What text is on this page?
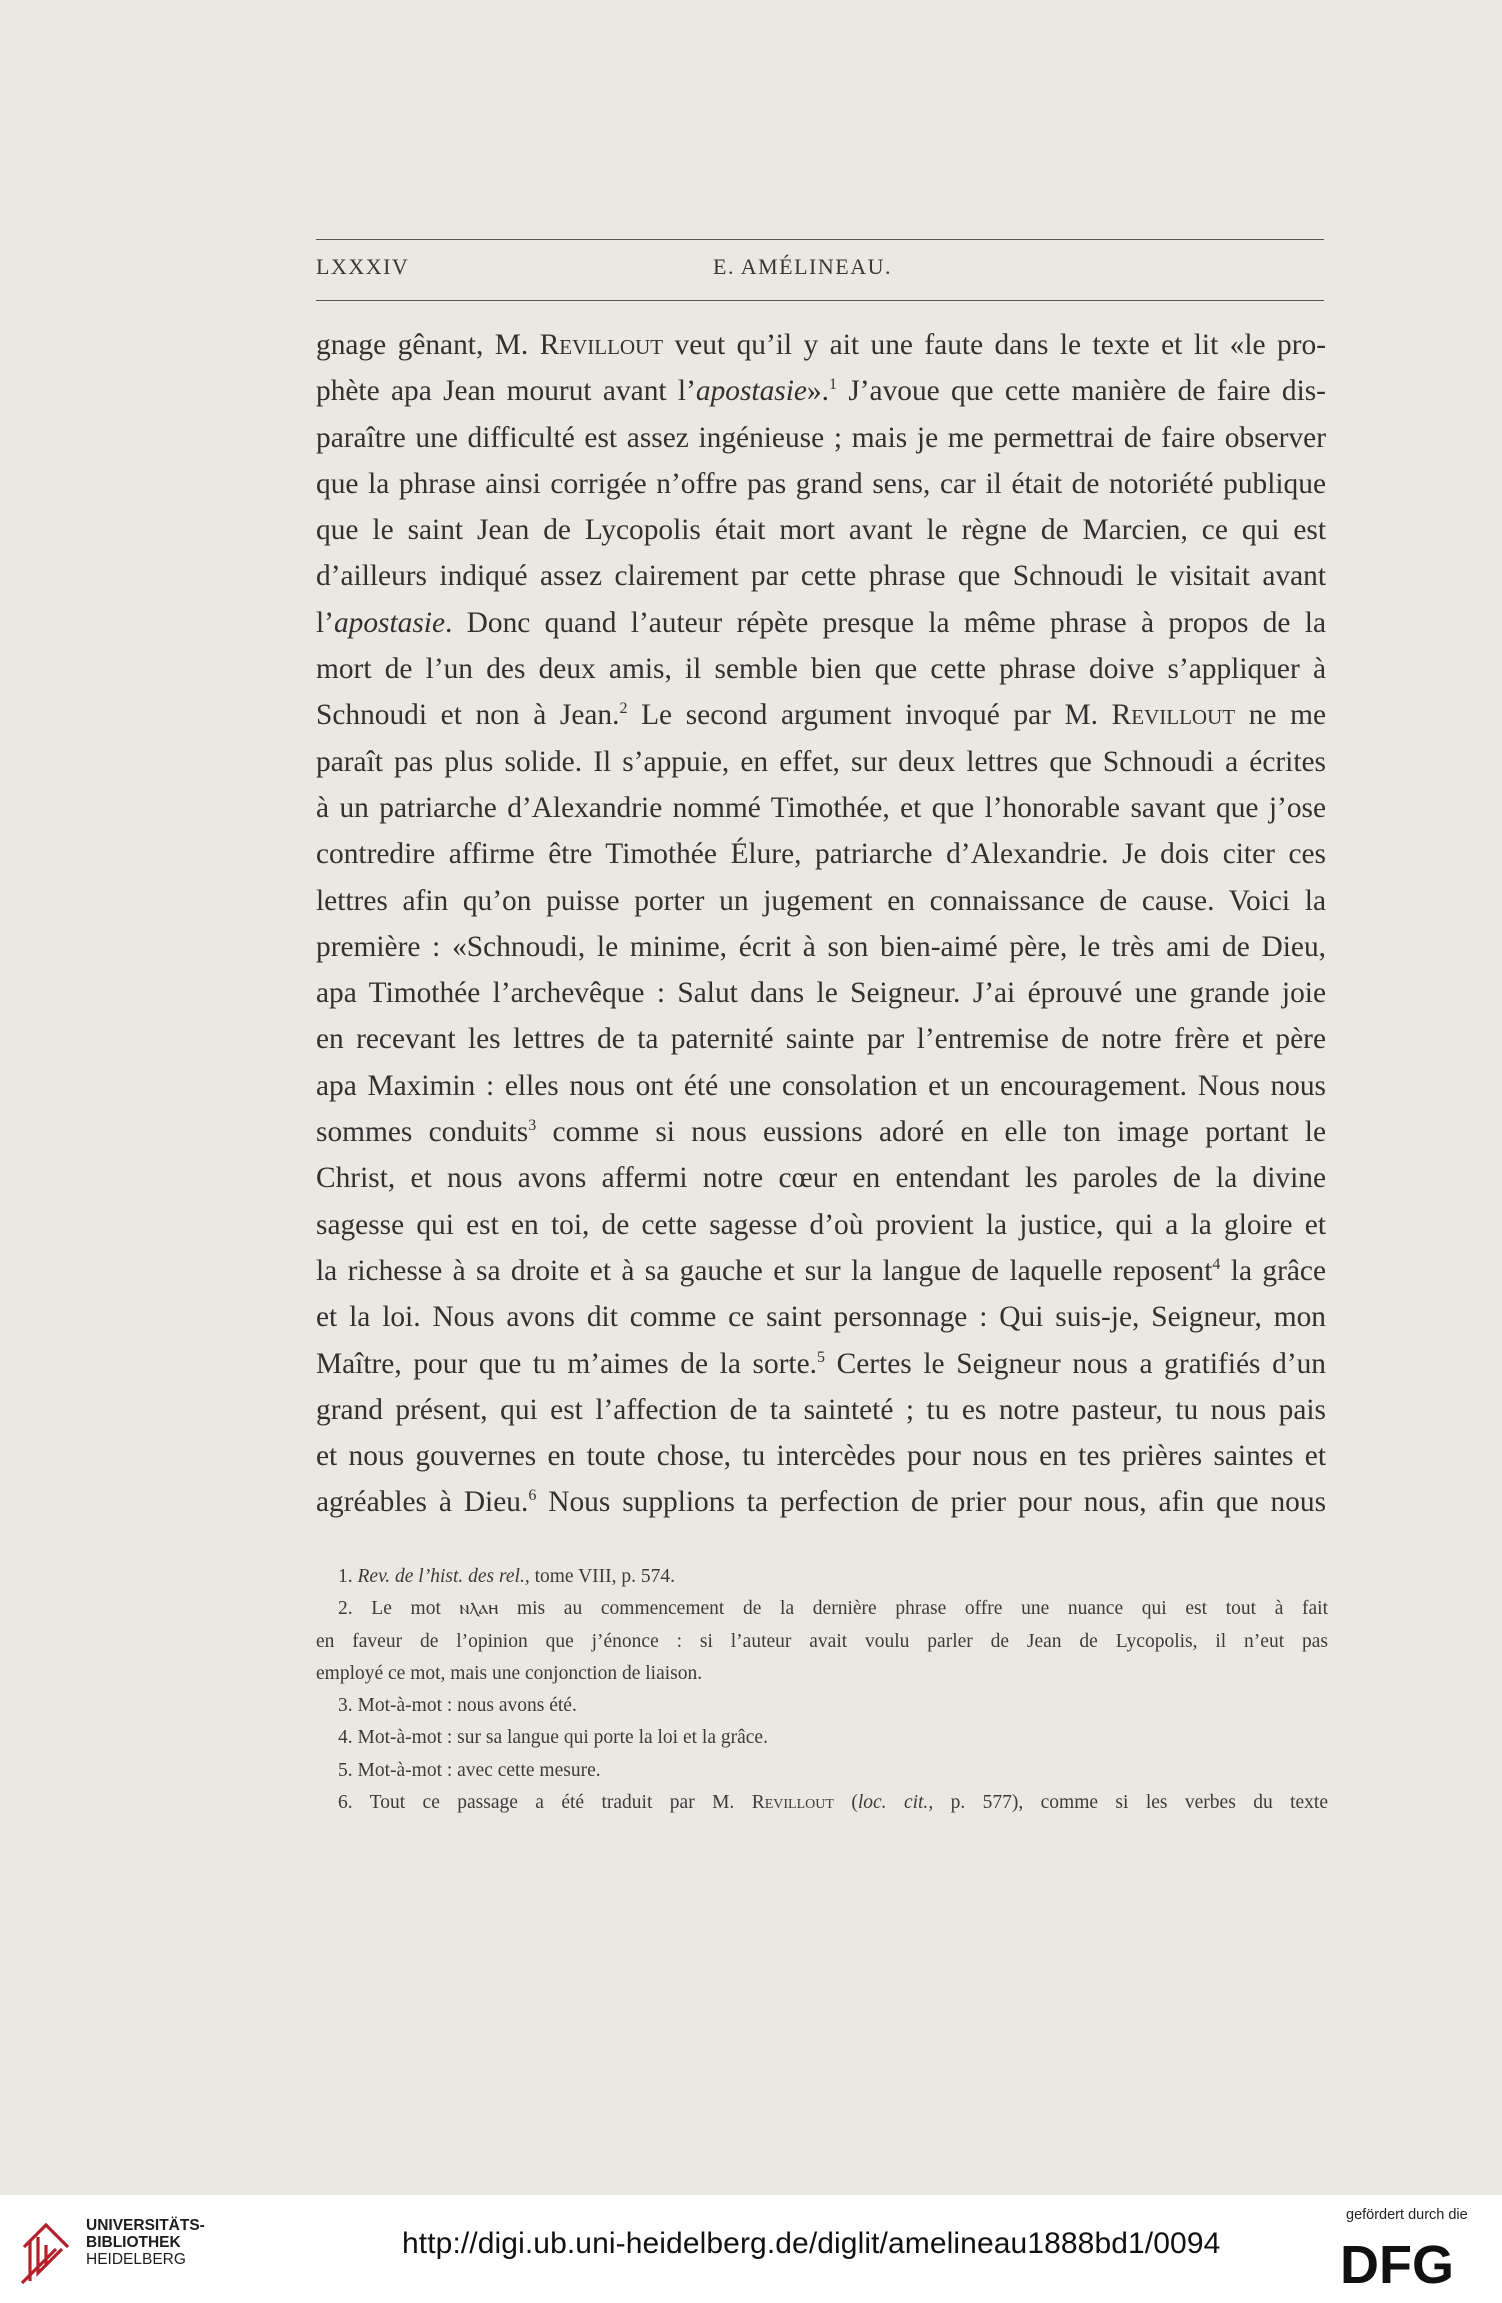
LXXXIV	E. AMÉLINEAU.
gnage gênant, M. Revillout veut qu’il y ait une faute dans le texte et lit «le pro-
phète apa Jean mourut avant l’apostasie».$^1$ J’avoue que cette manière de faire dis-
paraître une difficulté est assez ingénieuse ; mais je me permettrai de faire observer
que la phrase ainsi corrigée n’offre pas grand sens, car il était de notoriété publique
que le saint Jean de Lycopolis était mort avant le règne de Marcien, ce qui est
d’ailleurs indiqué assez clairement par cette phrase que Schnoudi le visitait avant
l’apostasie. Donc quand l’auteur répète presque la même phrase à propos de la
mort de l’un des deux amis, il semble bien que cette phrase doive s’appliquer à
Schnoudi et non à Jean.$^2$ Le second argument invoqué par M. Revillout ne me
paraît pas plus solide. Il s’appuie, en effet, sur deux lettres que Schnoudi a écrites
à un patriarche d’Alexandrie nommé Timothée, et que l’honorable savant que j’ose
contredire affirme être Timothée Élure, patriarche d’Alexandrie. Je dois citer ces
lettres afin qu’on puisse porter un jugement en connaissance de cause. Voici la
première : «Schnoudi, le minime, écrit à son bien-aimé père, le très ami de Dieu,
apa Timothée l’archevêque : Salut dans le Seigneur. J’ai éprouvé une grande joie
en recevant les lettres de ta paternité sainte par l’entremise de notre frère et père
apa Maximin : elles nous ont été une consolation et un encouragement. Nous nous
sommes conduits$^3$ comme si nous eussions adoré en elle ton image portant le
Christ, et nous avons affermi notre cœur en entendant les paroles de la divine
sagesse qui est en toi, de cette sagesse d’où provient la justice, qui a la gloire et
la richesse à sa droite et à sa gauche et sur la langue de laquelle reposent$^4$ la grâce
et la loi. Nous avons dit comme ce saint personnage : Qui suis-je, Seigneur, mon
Maître, pour que tu m’aimes de la sorte.$^5$ Certes le Seigneur nous a gratifiés d’un
grand présent, qui est l’affection de ta sainteté ; tu es notre pasteur, tu nous pais
et nous gouvernes en toute chose, tu intercèdes pour nous en tes prières saintes et
agréables à Dieu.$^6$ Nous supplions ta perfection de prier pour nous, afin que nous
1. Rev. de l’hist. des rel., tome VIII, p. 574.
2. Le mot ⲛⲗⲁⲏ mis au commencement de la dernière phrase offre une nuance qui est tout à fait
en faveur de l’opinion que j’énonce : si l’auteur avait voulu parler de Jean de Lycopolis, il n’eut pas
employé ce mot, mais une conjonction de liaison.
3. Mot-à-mot : nous avons été.
4. Mot-à-mot : sur sa langue qui porte la loi et la grâce.
5. Mot-à-mot : avec cette mesure.
6. Tout ce passage a été traduit par M. Revillout (loc. cit., p. 577), comme si les verbes du texte
UNIVERSITÄTS-
BIBLIOTHEK
HEIDELBERG	http://digi.ub.uni-heidelberg.de/diglit/amelineau1888bd1/0094
gefördert durch die
DFG
